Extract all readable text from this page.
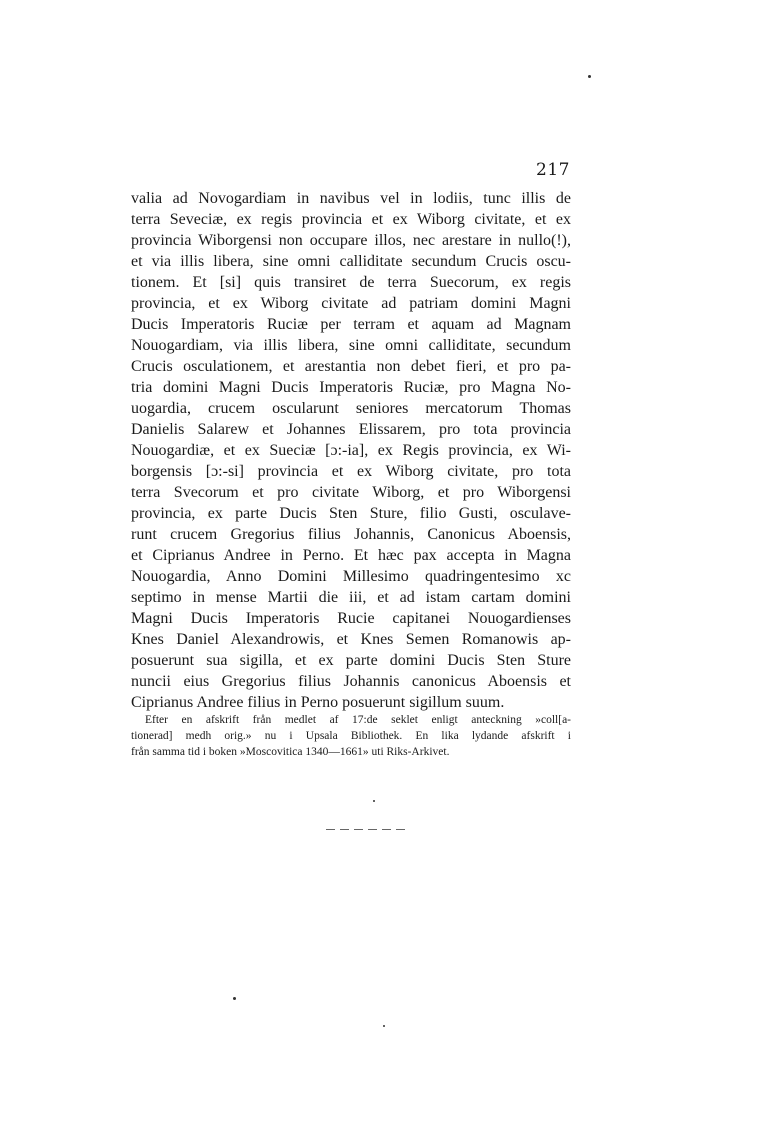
217
valia ad Novogardiam in navibus vel in lodiis, tunc illis de
terra Seveciæ, ex regis provincia et ex Wiborg civitate, et ex
provincia Wiborgensi non occupare illos, nec arestare in nullo(!),
et via illis libera, sine omni calliditate secundum Crucis oscu-
tionem. Et [si] quis transiret de terra Suecorum, ex regis
provincia, et ex Wiborg civitate ad patriam domini Magni
Ducis Imperatoris Ruciæ per terram et aquam ad Magnam
Nouogardiam, via illis libera, sine omni calliditate, secundum
Crucis osculationem, et arestantia non debet fieri, et pro pa-
tria domini Magni Ducis Imperatoris Ruciæ, pro Magna No-
uogardia, crucem oscularunt seniores mercatorum Thomas
Danielis Salarew et Johannes Elissarem, pro tota provincia
Nouogardiæ, et ex Sueciæ [ɔ:-ia], ex Regis provincia, ex Wi-
borgensis [ɔ:-si] provincia et ex Wiborg civitate, pro tota
terra Svecorum et pro civitate Wiborg, et pro Wiborgensi
provincia, ex parte Ducis Sten Sture, filio Gusti, osculave-
runt crucem Gregorius filius Johannis, Canonicus Aboensis,
et Ciprianus Andree in Perno. Et hæc pax accepta in Magna
Nouogardia, Anno Domini Millesimo quadringentesimo xc
septimo in mense Martii die iii, et ad istam cartam domini
Magni Ducis Imperatoris Rucie capitanei Nouogardienses
Knes Daniel Alexandrowis, et Knes Semen Romanowis ap-
posuerunt sua sigilla, et ex parte domini Ducis Sten Sture
nuncii eius Gregorius filius Johannis canonicus Aboensis et
Ciprianus Andree filius in Perno posuerunt sigillum suum.
Efter en afskrift från medlet af 17:de seklet enligt anteckning »coll[a-
tionerad] medh orig.» nu i Upsala Bibliothek. En lika lydande afskrift i
från samma tid i boken »Moscovitica 1340—1661» uti Riks-Arkivet.
